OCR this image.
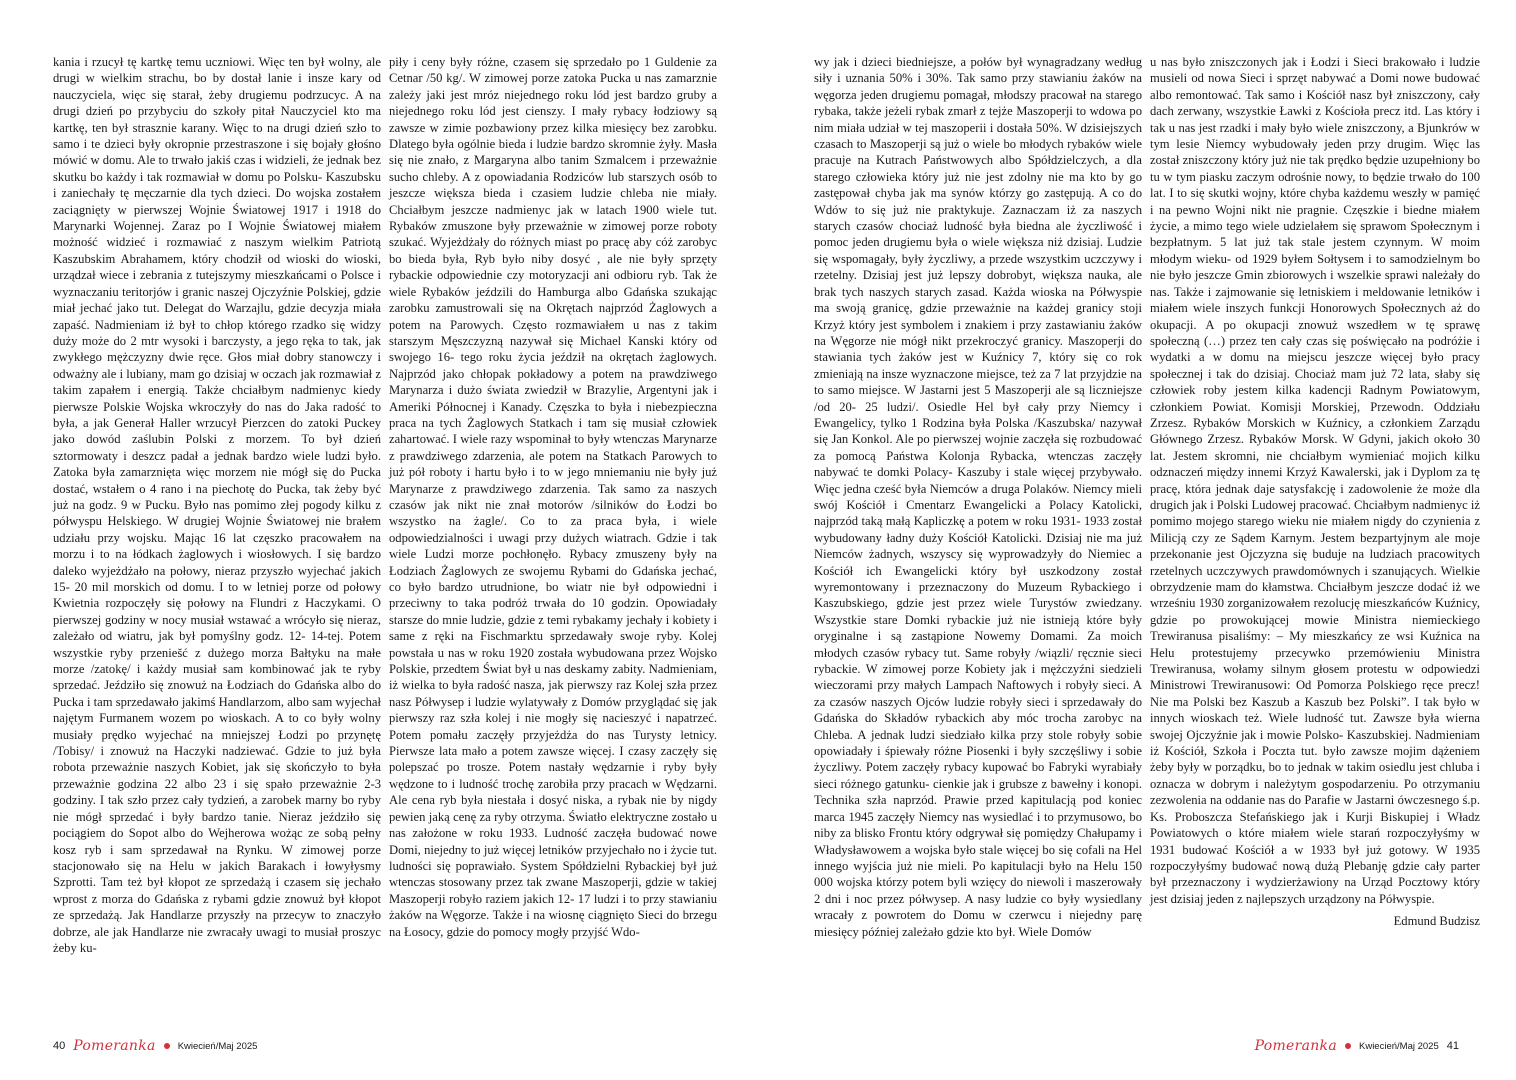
kania i rzucył tę kartkę temu uczniowi. Więc ten był wolny, ale drugi w wielkim strachu, bo by dostał lanie i insze kary od nauczyciela, więc się starał, żeby drugiemu podrzucyc. A na drugi dzień po przybyciu do szkoły pitał Nauczyciel kto ma kartkę, ten był strasznie karany. Więc to na drugi dzień szło to samo i te dzieci były okropnie przestraszone i się bojały głośno mówić w domu. Ale to trwało jakiś czas i widzieli, że jednak bez skutku bo każdy i tak rozmawiał w domu po Polsku- Kaszubsku i zaniechały tę męczarnie dla tych dzieci. Do wojska zostałem zaciągnięty w pierwszej Wojnie Światowej 1917 i 1918 do Marynarki Wojennej. Zaraz po I Wojnie Światowej miałem możność widzieć i rozmawiać z naszym wielkim Patriotą Kaszubskim Abrahamem, który chodził od wioski do wioski, urządzał wiece i zebrania z tutejszymy mieszkańcami o Polsce i wyznaczaniu teritorjów i granic naszej Ojczyźnie Polskiej, gdzie miał jechać jako tut. Delegat do Warzajlu, gdzie decyzja miała zapaść. Nadmieniam iż był to chłop którego rzadko się widzy duży może do 2 mtr wysoki i barczysty, a jego ręka to tak, jak zwykłego mężczyzny dwie ręce. Głos miał dobry stanowczy i odważny ale i lubiany, mam go dzisiaj w oczach jak rozmawiał z takim zapałem i energią. Także chciałbym nadmienyc kiedy pierwsze Polskie Wojska wkroczyły do nas do Jaka radość to była, a jak Generał Haller wrzucył Pierzcen do zatoki Puckey jako dowód zaślubin Polski z morzem. To był dzień sztormowaty i deszcz padał a jednak bardzo wiele ludzi było. Zatoka była zamarznięta więc morzem nie mógł się do Pucka dostać, wstałem o 4 rano i na piechotę do Pucka, tak żeby być już na godz. 9 w Pucku. Było nas pomimo złej pogody kilku z półwyspu Helskiego. W drugiej Wojnie Światowej nie brałem udziału przy wojsku. Mając 16 lat częszko pracowałem na morzu i to na łódkach żaglowych i wiosłowych. I się bardzo daleko wyjeżdżało na połowy, nieraz przyszło wyjechać jakich 15- 20 mil morskich od domu. I to w letniej porze od połowy Kwietnia rozpoczęły się połowy na Flundri z Haczykami. O pierwszej godziny w nocy musiał wstawać a wrócyło się nieraz, zależało od wiatru, jak był pomyślny godz. 12- 14-tej. Potem wszystkie ryby przeniešć z dużego morza Bałtyku na małe morze /zatokę/ i każdy musiał sam kombinować jak te ryby sprzedać. Jeździło się znowuż na Łodziach do Gdańska albo do Pucka i tam sprzedawało jakimś Handlarzom, albo sam wyjechał najętym Furmanem wozem po wioskach. A to co były wolny musiały prędko wyjechać na mniejszej Łodzi po przynętę /Tobisy/ i znowuż na Haczyki nadziewać. Gdzie to już była robota przeważnie naszych Kobiet, jak się skończyło to była przeważnie godzina 22 albo 23 i się spało przeważnie 2-3 godziny. I tak szło przez cały tydzień, a zarobek marny bo ryby nie mógł sprzedać i były bardzo tanie. Nieraz jeździło się pociągiem do Sopot albo do Wejherowa wożąc ze sobą pełny kosz ryb i sam sprzedawał na Rynku. W zimowej porze stacjonowało się na Helu w jakich Barakach i łowyłysmy Szprotti. Tam też był kłopot ze sprzedażą i czasem się jechało wprost z morza do Gdańska z rybami gdzie znowuż był kłopot ze sprzedażą. Jak Handlarze przyszły na przecyw to znaczyło dobrze, ale jak Handlarze nie zwracały uwagi to musiał proszyc żeby ku-

piły i ceny były różne, czasem się sprzedało po 1 Guldenie za Cetnar /50 kg/. W zimowej porze zatoka Pucka u nas zamarznie zależy jaki jest mróz niejednego roku lód jest bardzo gruby a niejednego roku lód jest cienszy. I mały rybacy łodziowy są zawsze w zimie pozbawiony przez kilka miesięcy bez zarobku. Dlatego była ogólnie bieda i ludzie bardzo skromnie żyły. Masła się nie znało, z Margaryna albo tanim Szmalcem i przeważnie sucho chleby. A z opowiadania Rodziców lub starszych osób to jeszcze większa bieda i czasiem ludzie chleba nie miały. Chciałbym jeszcze nadmienyc jak w latach 1900 wiele tut. Rybaków zmuszone były przeważnie w zimowej porze roboty szukać. Wyjeżdżały do różnych miast po pracę aby cóż zarobyc bo bieda była, Ryb było niby dosyć , ale nie były sprzęty rybackie odpowiednie czy motoryzacji ani odbioru ryb. Tak że wiele Rybaków jeździli do Hamburga albo Gdańska szukając zarobku zamustrowali się na Okrętach najprzód Żaglowych a potem na Parowych. Często rozmawiałem u nas z takim starszym Męszczyzną nazywał się Michael Kanski który od swojego 16- tego roku życia jeździł na okrętach żaglowych. Najprzód jako chłopak pokładowy a potem na prawdziwego Marynarza i dużo świata zwiedził w Brazylie, Argentyni jak i Ameriki Północnej i Kanady. Częszka to była i niebezpieczna praca na tych Żaglowych Statkach i tam się musiał człowiek zahartować. I wiele razy wspominał to były wtenczas Marynarze z prawdziwego zdarzenia, ale potem na Statkach Parowych to już pół roboty i hartu było i to w jego mniemaniu nie były już Marynarze z prawdziwego zdarzenia. Tak samo za naszych czasów jak nikt nie znał motorów /silników do Łodzi bo wszystko na żagle/. Co to za praca była, i wiele odpowiedzialności i uwagi przy dużych wiatrach. Gdzie i tak wiele Ludzi morze pochłonęło. Rybacy zmuszeny były na Łodziach Żaglowych ze swojemu Rybami do Gdańska jechać, co było bardzo utrudnione, bo wiatr nie był odpowiedni i przeciwny to taka podróż trwała do 10 godzin. Opowiadały starsze do mnie ludzie, gdzie z temi rybakamy jechały i kobiety i same z ręki na Fischmarktu sprzedawały swoje ryby. Kolej powstała u nas w roku 1920 została wybudowana przez Wojsko Polskie, przedtem Świat był u nas deskamy zabity. Nadmieniam, iż wielka to była radość nasza, jak pierwszy raz Kolej szła przez nasz Półwysep i ludzie wylatywały z Domów przyglądać się jak pierwszy raz szła kolej i nie mogły się nacieszyć i napatrzeć. Potem pomału zaczęły przyjeżdża do nas Turysty letnicy. Pierwsze lata mało a potem zawsze więcej. I czasy zaczęły się polepszać po trosze. Potem nastały wędzarnie i ryby były wędzone to i ludność trochę zarobiła przy pracach w Wędzarni. Ale cena ryb była niestała i dosyć niska, a rybak nie by nigdy pewien jaką cenę za ryby otrzyma. Światło elektryczne zostało u nas założone w roku 1933. Ludność zaczęła budować nowe Domi, niejedny to już więcej letników przyjechało no i życie tut. ludności się poprawiało. System Spółdzielni Rybackiej był już wtenczas stosowany przez tak zwane Maszoperji, gdzie w takiej Maszoperji robyło raziem jakich 12- 17 ludzi i to przy stawianiu żaków na Węgorze. Także i na wiosnę ciągnięto Sieci do brzegu na Łosocy, gdzie do pomocy mogły przyjść Wdo-

40 Pomeranka Kwiecień/Maj 2025

wy jak i dzieci biedniejsze, a połów był wynagradzany według siły i uznania 50% i 30%. Tak samo przy stawianiu żaków na węgorza jeden drugiemu pomagał, młodszy pracował na starego rybaka, także jeżeli rybak zmarł z tejże Maszoperji to wdowa po nim miała udział w tej maszoperii i dostała 50%. W dzisiejszych czasach to Maszoperji są już o wiele bo młodych rybaków wiele pracuje na Kutrach Państwowych albo Spółdzielczych, a dla starego człowieka który już nie jest zdolny nie ma kto by go zastępował chyba jak ma synów którzy go zastępują. A co do Wdów to się już nie praktykuje. Zaznaczam iż za naszych starych czasów chociaż ludność była biedna ale życzliwość i pomoc jeden drugiemu była o wiele większa niż dzisiaj. Ludzie się wspomagały, były życzliwy, a przede wszystkim uczczywy i rzetelny. Dzisiaj jest już lepszy dobrobyt, większa nauka, ale brak tych naszych starych zasad. Każda wioska na Półwyspie ma swoją granicę, gdzie przeważnie na każdej granicy stoji Krzyż który jest symbolem i znakiem i przy zastawianiu żaków na Węgorze nie mógł nikt przekroczyć granicy. Maszoperji do stawiania tych żaków jest w Kuźnicy 7, który się co rok zmieniają na insze wyznaczone miejsce, też za 7 lat przyjdzie na to samo miejsce. W Jastarni jest 5 Maszoperji ale są liczniejsze /od 20- 25 ludzi/. Osiedle Hel był cały przy Niemcy i Ewangelicy, tylko 1 Rodzina była Polska /Kaszubska/ nazywał się Jan Konkol. Ale po pierwszej wojnie zaczęła się rozbudować za pomocą Państwa Kolonja Rybacka, wtenczas zaczęły nabywać te domki Polacy- Kaszuby i stale więcej przybywało. Więc jedna cześć była Niemców a druga Polaków. Niemcy mieli swój Kościół i Cmentarz Ewangelicki a Polacy Katolicki, najprzód taką małą Kapliczkę a potem w roku 1931- 1933 został wybudowany ładny duży Kościół Katolicki. Dzisiaj nie ma już Niemców żadnych, wszyscy się wyprowadzyły do Niemiec a Kościół ich Ewangelicki który był uszkodzony został wyremontowany i przeznaczony do Muzeum Rybackiego i Kaszubskiego, gdzie jest przez wiele Turystów zwiedzany. Wszystkie stare Domki rybackie już nie istnieją które były oryginalne i są zastąpione Nowemy Domami. Za moich młodych czasów rybacy tut. Same robyły /wiązli/ ręcznie sieci rybackie. W zimowej porze Kobiety jak i mężczyźni siedzieli wieczorami przy małych Lampach Naftowych i robyły sieci. A za czasów naszych Ojców ludzie robyły sieci i sprzedawały do Gdańska do Składów rybackich aby móc trocha zarobyc na Chleba. A jednak ludzi siedziało kilka przy stole robyły sobie opowiadały i śpiewały różne Piosenki i były szczęśliwy i sobie życzliwy. Potem zaczęły rybacy kupować bo Fabryki wyrabiały sieci różnego gatunku- cienkie jak i grubsze z bawełny i konopi. Technika szła naprzód. Prawie przed kapitulacją pod koniec marca 1945 zaczęły Niemcy nas wysiedlać i to przymusowo, bo niby za blisko Frontu który odgrywał się pomiędzy Chałupamy i Władysławowem a wojska było stale więcej bo się cofali na Hel innego wyjścia już nie mieli. Po kapitulacji było na Helu 150 000 wojska którzy potem byli wzięcy do niewoli i maszerowały 2 dni i noc przez półwysep. A nasy ludzie co były wysiedlany wracały z powrotem do Domu w czerwcu i niejedny parę miesięcy później zależało gdzie kto był. Wiele Domów

u nas było zniszczonych jak i Łodzi i Sieci brakowało i ludzie musieli od nowa Sieci i sprzęt nabywać a Domi nowe budować albo remontować. Tak samo i Kościół nasz był zniszczony, cały dach zerwany, wszystkie Ławki z Kościoła precz itd. Las który i tak u nas jest rzadki i mały było wiele zniszczony, a Bjunkrów w tym lesie Niemcy wybudowały jeden przy drugim. Więc las został zniszczony który już nie tak prędko będzie uzupełniony bo tu w tym piasku zaczym odrośnie nowy, to będzie trwało do 100 lat. I to się skutki wojny, które chyba każdemu weszły w pamięć i na pewno Wojni nikt nie pragnie. Częszkie i biedne miałem życie, a mimo tego wiele udzielałem się sprawom Społecznym i bezpłatnym. 5 lat już tak stale jestem czynnym. W moim młodym wieku- od 1929 byłem Sołtysem i to samodzielnym bo nie było jeszcze Gmin zbiorowych i wszelkie sprawi należały do nas. Także i zajmowanie się letniskiem i meldowanie letników i miałem wiele inszych funkcji Honorowych Społecznych aż do okupacji. A po okupacji znowuż wszedłem w tę sprawę społeczną (…) przez ten cały czas się poświęcało na podróżie i wydatki a w domu na miejscu jeszcze więcej było pracy społecznej i tak do dzisiaj. Chociaż mam już 72 lata, słaby się człowiek roby jestem kilka kadencji Radnym Powiatowym, członkiem Powiat. Komisji Morskiej, Przewodn. Oddziału Zrzesz. Rybaków Morskich w Kuźnicy, a członkiem Zarządu Głównego Zrzesz. Rybaków Morsk. W Gdyni, jakich około 30 lat. Jestem skromni, nie chciałbym wymieniać mojich kilku odznaczeń między innemi Krzyż Kawalerski, jak i Dyplom za tę pracę, która jednak daje satysfakcję i zadowolenie że może dla drugich jak i Polski Ludowej pracować. Chciałbym nadmienyc iż pomimo mojego starego wieku nie miałem nigdy do czynienia z Milicją czy ze Sądem Karnym. Jestem bezpartyjnym ale moje przekonanie jest Ojczyzna się buduje na ludziach pracowitych rzetelnych uczczywych prawdomównych i szanujących. Wielkie obrzydzenie mam do kłamstwa. Chciałbym jeszcze dodać iż we wrześniu 1930 zorganizowałem rezolucję mieszkańców Kuźnicy, gdzie po prowokującej mowie Ministra niemieckiego Trewiranusa pisaliśmy: – My mieszkańcy ze wsi Kuźnica na Helu protestujemy przecywko przemówieniu Ministra Trewiranusa, wołamy silnym głosem protestu w odpowiedzi Ministrowi Trewiranusowi: Od Pomorza Polskiego ręce precz! Nie ma Polski bez Kaszub a Kaszub bez Polski”. I tak było w innych wioskach też. Wiele ludność tut. Zawsze była wierna swojej Ojczyźnie jak i mowie Polsko- Kaszubskiej. Nadmieniam iż Kościół, Szkoła i Poczta tut. było zawsze mojim dążeniem żeby były w porządku, bo to jednak w takim osiedlu jest chluba i oznacza w dobrym i należytym gospodarzeniu. Po otrzymaniu zezwolenia na oddanie nas do Parafie w Jastarni ówczesnego ś.p. Ks. Proboszcza Stefańskiego jak i Kurji Biskupiej i Władz Powiatowych o które miałem wiele starań rozpoczyłyśmy w 1931 budować Kościół a w 1933 był już gotowy. W 1935 rozpoczyłyśmy budować nową dużą Plebanję gdzie cały parter był przeznaczony i wydzierżawiony na Urząd Pocztowy który jest dzisiaj jeden z najlepszych urządzony na Półwyspie.

Edmund Budzisz
Pomeranka Kwiecień/Maj 2025 41
